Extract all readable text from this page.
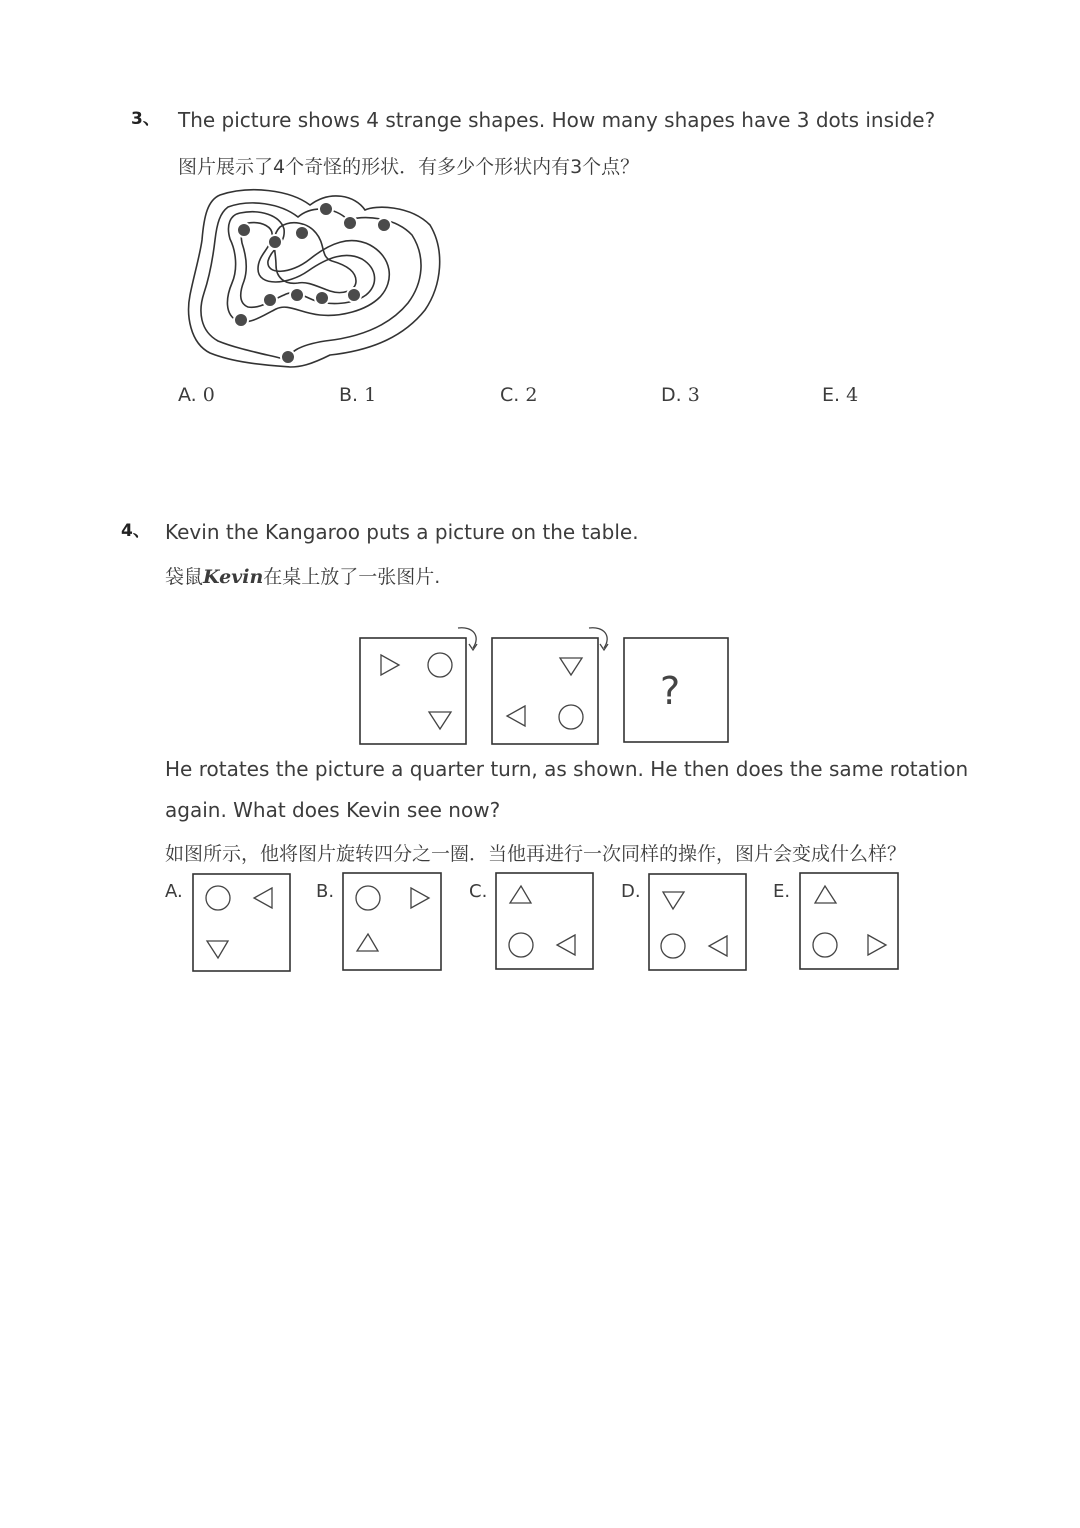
3、 The picture shows 4 strange shapes. How many shapes have 3 dots inside?
图片展示了4个奇怪的形状．有多少个形状内有3个点？
A. 0	B. 1	C. 2	D. 3	E. 4
4、 Kevin the Kangaroo puts a picture on the table.
袋鼠Kevin在桌上放了一张图片.
?
He rotates the picture a quarter turn, as shown. He then does the same rotation
again. What does Kevin see now?
如图所示，他将图片旋转四分之一圈．当他再进行一次同样的操作，图片会变成什么样？
A.	B.	C.	D.	E.
